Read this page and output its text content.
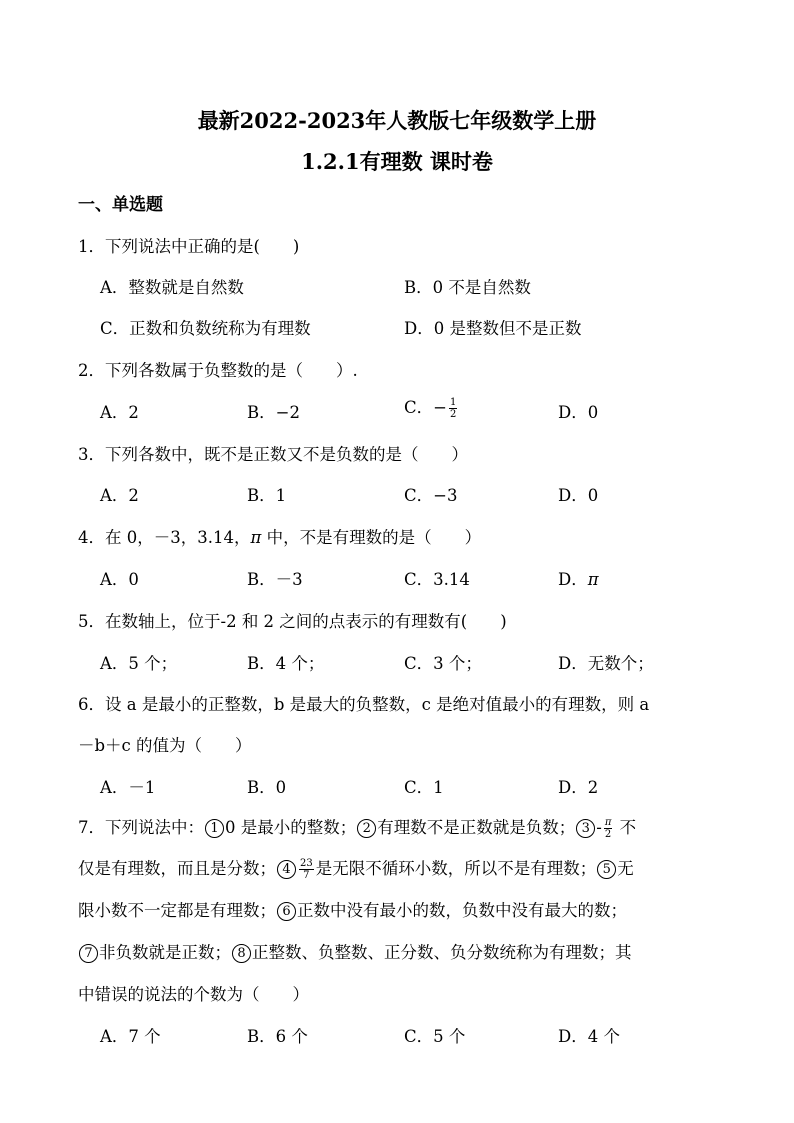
最新2022-2023年人教版七年级数学上册
1.2.1有理数 课时卷
一、单选题
1．下列说法中正确的是(　　)
A．整数就是自然数	B．0 不是自然数
C．正数和负数统称为有理数	D．0 是整数但不是正数
2．下列各数属于负整数的是（　　）.
A．2	B．−2	C．− $\frac{1}{2}$	D．0
3．下列各数中，既不是正数又不是负数的是（　　）
A．2	B．1	C．−3	D．0
4．在 0，－3，3.14，π 中，不是有理数的是（　　）
A．0	B．－3	C．3.14	D．π
5．在数轴上，位于-2 和 2 之间的点表示的有理数有(　　)
A．5 个；	B．4 个；	C．3 个；	D．无数个；
6．设 a 是最小的正整数，b 是最大的负整数，c 是绝对值最小的有理数，则 a
－b＋c 的值为（　　）
A．－1	B．0	C．1	D．2
7．下列说法中： 1 0 是最小的整数； 2 有理数不是正数就是负数； $3 - \frac{\pi}{2}$ 不
仅是有理数，而且是分数； $4 \frac{23}{7}$ 是无限不循环小数，所以不是有理数； 5 无
限小数不一定都是有理数； 6 正数中没有最小的数，负数中没有最大的数；
7 非负数就是正数； 8 正整数、负整数、正分数、负分数统称为有理数；其
中错误的说法的个数为（　　）
A．7 个	B．6 个	C．5 个	D．4 个
